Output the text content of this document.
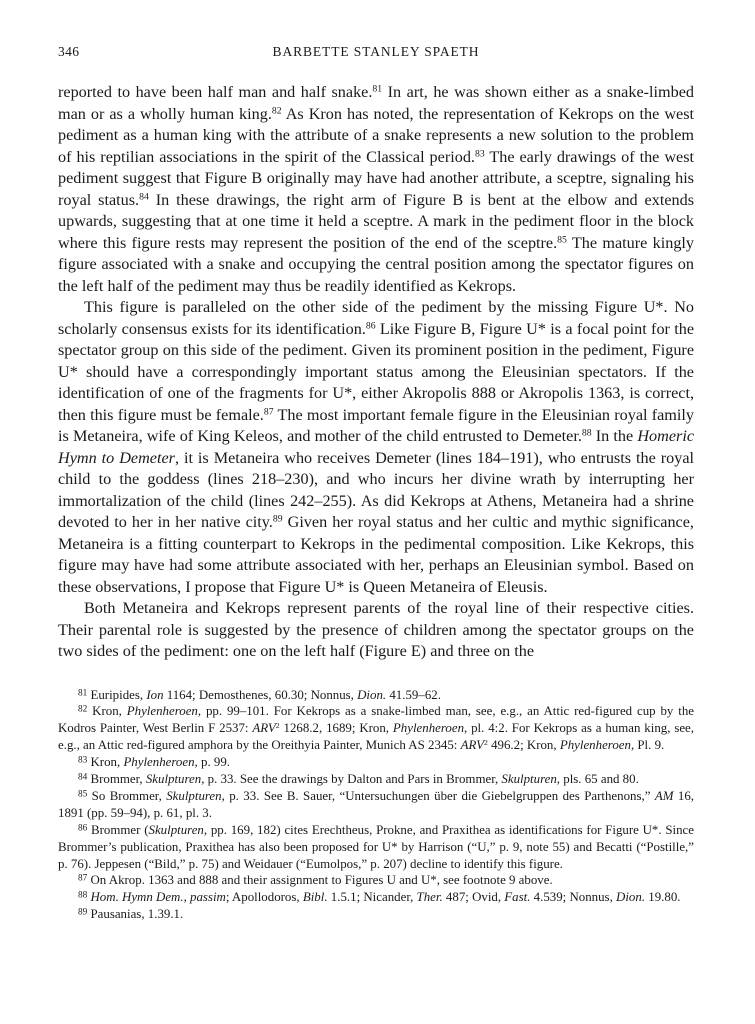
346	BARBETTE STANLEY SPAETH

reported to have been half man and half snake.$^{81}$ In art, he was shown either as a snake-limbed man or as a wholly human king.$^{82}$ As Kron has noted, the representation of Kekrops on the west pediment as a human king with the attribute of a snake represents a new solution to the problem of his reptilian associations in the spirit of the Classical period.$^{83}$ The early drawings of the west pediment suggest that Figure B originally may have had another attribute, a sceptre, signaling his royal status.$^{84}$ In these drawings, the right arm of Figure B is bent at the elbow and extends upwards, suggesting that at one time it held a sceptre. A mark in the pediment floor in the block where this figure rests may represent the position of the end of the sceptre.$^{85}$ The mature kingly figure associated with a snake and occupying the central position among the spectator figures on the left half of the pediment may thus be readily identified as Kekrops.

This figure is paralleled on the other side of the pediment by the missing Figure U*. No scholarly consensus exists for its identification.$^{86}$ Like Figure B, Figure U* is a focal point for the spectator group on this side of the pediment. Given its prominent position in the pediment, Figure U* should have a correspondingly important status among the Eleusinian spectators. If the identification of one of the fragments for U*, either Akropolis 888 or Akropolis 1363, is correct, then this figure must be female.$^{87}$ The most important female figure in the Eleusinian royal family is Metaneira, wife of King Keleos, and mother of the child entrusted to Demeter.$^{88}$ In the Homeric Hymn to Demeter, it is Metaneira who receives Demeter (lines 184–191), who entrusts the royal child to the goddess (lines 218–230), and who incurs her divine wrath by interrupting her immortalization of the child (lines 242–255). As did Kekrops at Athens, Metaneira had a shrine devoted to her in her native city.$^{89}$ Given her royal status and her cultic and mythic significance, Metaneira is a fitting counterpart to Kekrops in the pedimental composition. Like Kekrops, this figure may have had some attribute associated with her, perhaps an Eleusinian symbol. Based on these observations, I propose that Figure U* is Queen Metaneira of Eleusis.

Both Metaneira and Kekrops represent parents of the royal line of their respective cities. Their parental role is suggested by the presence of children among the spectator groups on the two sides of the pediment: one on the left half (Figure E) and three on the

$^{81}$ Euripides, Ion 1164; Demosthenes, 60.30; Nonnus, Dion. 41.59–62.

$^{82}$ Kron, Phylenheroen, pp. 99–101. For Kekrops as a snake-limbed man, see, e.g., an Attic red-figured cup by the Kodros Painter, West Berlin F 2537: ARV$^2$ 1268.2, 1689; Kron, Phylenheroen, pl. 4:2. For Kekrops as a human king, see, e.g., an Attic red-figured amphora by the Oreithyia Painter, Munich AS 2345: ARV$^2$ 496.2; Kron, Phylenheroen, Pl. 9.

$^{83}$ Kron, Phylenheroen, p. 99.

$^{84}$ Brommer, Skulpturen, p. 33. See the drawings by Dalton and Pars in Brommer, Skulpturen, pls. 65 and 80.

$^{85}$ So Brommer, Skulpturen, p. 33. See B. Sauer, “Untersuchungen über die Giebelgruppen des Parthenons,” AM 16, 1891 (pp. 59–94), p. 61, pl. 3.

$^{86}$ Brommer (Skulpturen, pp. 169, 182) cites Erechtheus, Prokne, and Praxithea as identifications for Figure U*. Since Brommer’s publication, Praxithea has also been proposed for U* by Harrison (“U,” p. 9, note 55) and Becatti (“Postille,” p. 76). Jeppesen (“Bild,” p. 75) and Weidauer (“Eumolpos,” p. 207) decline to identify this figure.

$^{87}$ On Akrop. 1363 and 888 and their assignment to Figures U and U*, see footnote 9 above.

$^{88}$ Hom. Hymn Dem., passim; Apollodoros, Bibl. 1.5.1; Nicander, Ther. 487; Ovid, Fast. 4.539; Nonnus, Dion. 19.80.

$^{89}$ Pausanias, 1.39.1.
